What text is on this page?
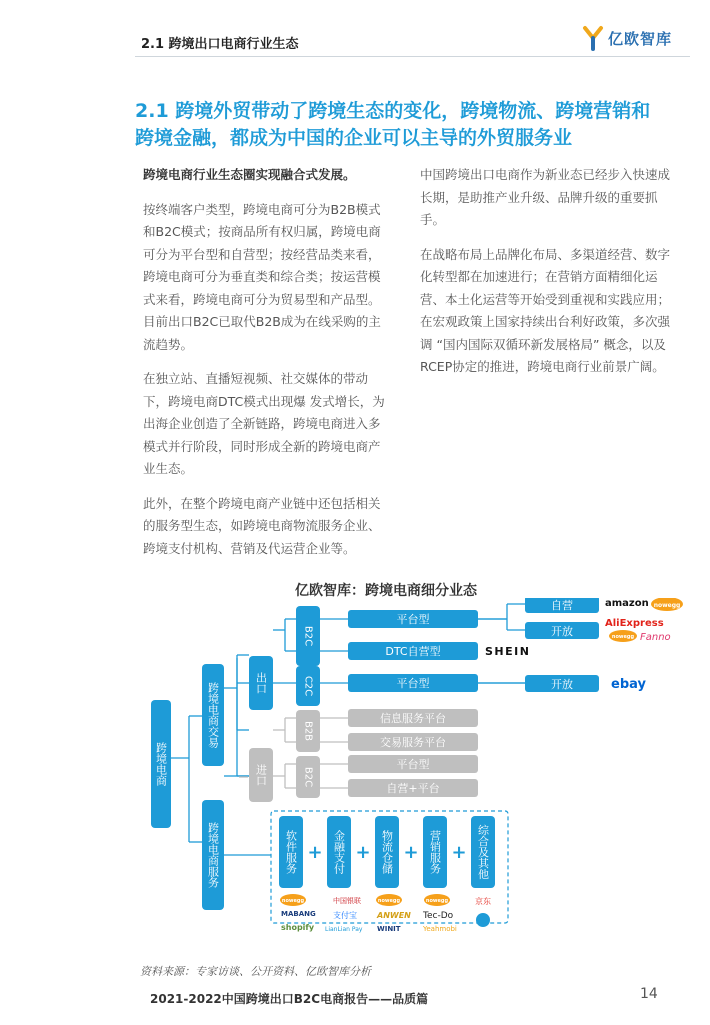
2.1 跨境出口电商行业生态	亿欧智库
2.1 跨境外贸带动了跨境生态的变化，跨境物流、跨境营销和
跨境金融，都成为中国的企业可以主导的外贸服务业

跨境电商行业生态圈实现融合式发展。

按终端客户类型，跨境电商可分为B2B模式和B2C模式；按商品所有权归属，跨境电商可分为平台型和自营型；按经营品类来看，跨境电商可分为垂直类和综合类；按运营模式来看，跨境电商可分为贸易型和产品型。目前出口B2C已取代B2B成为在线采购的主流趋势。

在独立站、直播短视频、社交媒体的带动下，跨境电商DTC模式出现爆 发式增长，为出海企业创造了全新链路，跨境电商进入多模式并行阶段，同时形成全新的跨境电商产业生态。

此外，在整个跨境电商产业链中还包括相关的服务型生态，如跨境电商物流服务企业、跨境支付机构、营销及代运营企业等。

中国跨境出口电商作为新业态已经步入快速成长期，是助推产业升级、品牌升级的重要抓手。

在战略布局上品牌化布局、多渠道经营、数字化转型都在加速进行；在营销方面精细化运营、本土化运营等开始受到重视和实践应用；在宏观政策上国家持续出台利好政策，多次强调 “国内国际双循环新发展格局” 概念，以及RCEP协定的推进，跨境电商行业前景广阔。

亿欧智库：跨境电商细分业态
跨境电商
跨境电商交易
跨境电商服务
出口
进口
B2C
C2C
B2B
B2C
平台型
DTC自营型
平台型
信息服务平台
交易服务平台
平台型
自营+平台
自营
开放
开放
amazon nowegg
AliExpress
nowegg Fanno
SHEIN
ebay
软件服务 + 金融支付 + 物流仓储 + 营销服务 + 综合及其他
nowegg
MABANG
shopify
中国银联
支付宝
LianLian Pay
nowegg
ANWEN
WINIT
nowegg
Tec-Do
Yeahmobi
京东
资料来源：专家访谈、公开资料、亿欧智库分析
2021-2022中国跨境出口B2C电商报告——品质篇	14
